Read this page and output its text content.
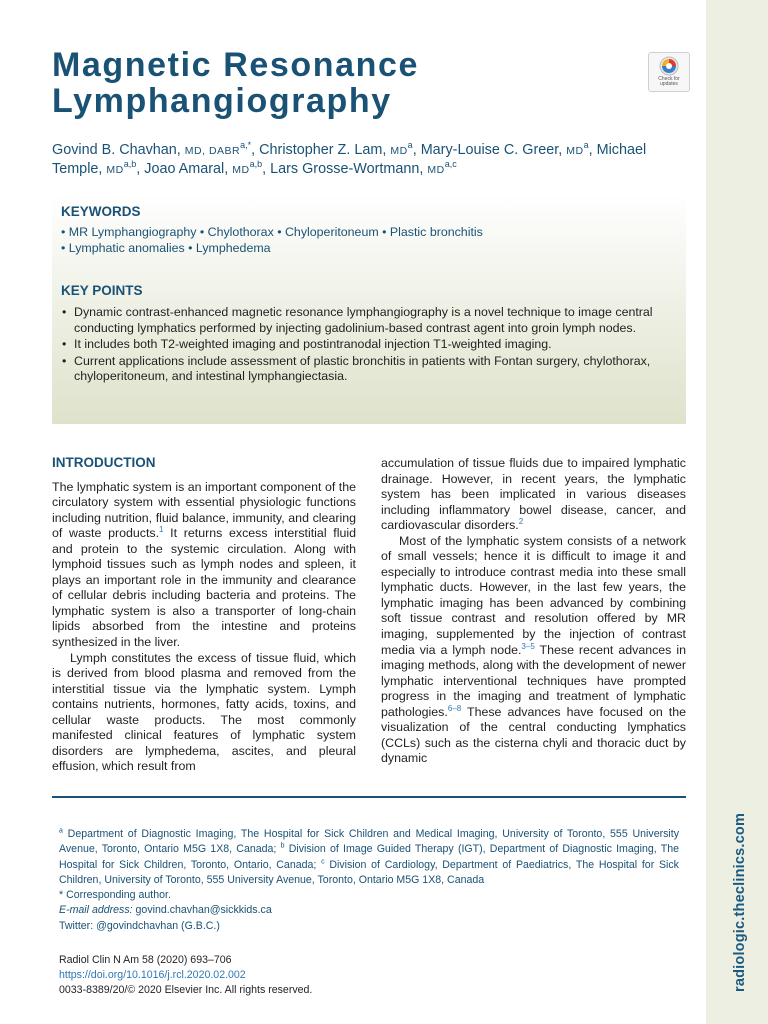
radiologic.theclinics.com
Magnetic Resonance
Lymphangiography
Check for
updates
Govind B. Chavhan, MD, $DABR^{a,*}$, Christopher Z. Lam, $MD^a$, Mary-Louise C. Greer, $MD^a$, Michael Temple, MD$^{a,b}$, Joao Amaral, MD$^{a,b}$, Lars Grosse-Wortmann, MD$^{a,c}$
KEYWORDS
• MR Lymphangiography • Chylothorax • Chyloperitoneum • Plastic bronchitis
• Lymphatic anomalies • Lymphedema
KEY POINTS
• Dynamic contrast-enhanced magnetic resonance lymphangiography is a novel technique to image central conducting lymphatics performed by injecting gadolinium-based contrast agent into groin lymph nodes.
• It includes both T2-weighted imaging and postintranodal injection T1-weighted imaging.
• Current applications include assessment of plastic bronchitis in patients with Fontan surgery, chylothorax, chyloperitoneum, and intestinal lymphangiectasia.
INTRODUCTION

The lymphatic system is an important component of the circulatory system with essential physiologic functions including nutrition, fluid balance, immunity, and clearing of waste products.$^1$ It returns excess interstitial fluid and protein to the systemic circulation. Along with lymphoid tissues such as lymph nodes and spleen, it plays an important role in the immunity and clearance of cellular debris including bacteria and proteins. The lymphatic system is also a transporter of long-chain lipids absorbed from the intestine and proteins synthesized in the liver.

Lymph constitutes the excess of tissue fluid, which is derived from blood plasma and removed from the interstitial tissue via the lymphatic system. Lymph contains nutrients, hormones, fatty acids, toxins, and cellular waste products. The most commonly manifested clinical features of lymphatic system disorders are lymphedema, ascites, and pleural effusion, which result from

accumulation of tissue fluids due to impaired lymphatic drainage. However, in recent years, the lymphatic system has been implicated in various diseases including inflammatory bowel disease, cancer, and cardiovascular disorders.$^2$

Most of the lymphatic system consists of a network of small vessels; hence it is difficult to image it and especially to introduce contrast media into these small lymphatic ducts. However, in the last few years, the lymphatic imaging has been advanced by combining soft tissue contrast and resolution offered by MR imaging, supplemented by the injection of contrast media via a lymph node.$^{3-5}$ These recent advances in imaging methods, along with the development of newer lymphatic interventional techniques have prompted progress in the imaging and treatment of lymphatic pathologies.$^{6-8}$ These advances have focused on the visualization of the central conducting lymphatics (CCLs) such as the cisterna chyli and thoracic duct by dynamic

$^a$ Department of Diagnostic Imaging, The Hospital for Sick Children and Medical Imaging, University of Toronto, 555 University Avenue, Toronto, Ontario M5G 1X8, Canada; $^b$ Division of Image Guided Therapy (IGT), Department of Diagnostic Imaging, The Hospital for Sick Children, Toronto, Ontario, Canada; $^c$ Division of Cardiology, Department of Paediatrics, The Hospital for Sick Children, University of Toronto, 555 University Avenue, Toronto, Ontario M5G 1X8, Canada

* Corresponding author.

E-mail address: govind.chavhan@sickkids.ca

Twitter: @govindchavhan (G.B.C.)

Radiol Clin N Am 58 (2020) 693–706
https://doi.org/10.1016/j.rcl.2020.02.002
0033-8389/20/© 2020 Elsevier Inc. All rights reserved.
